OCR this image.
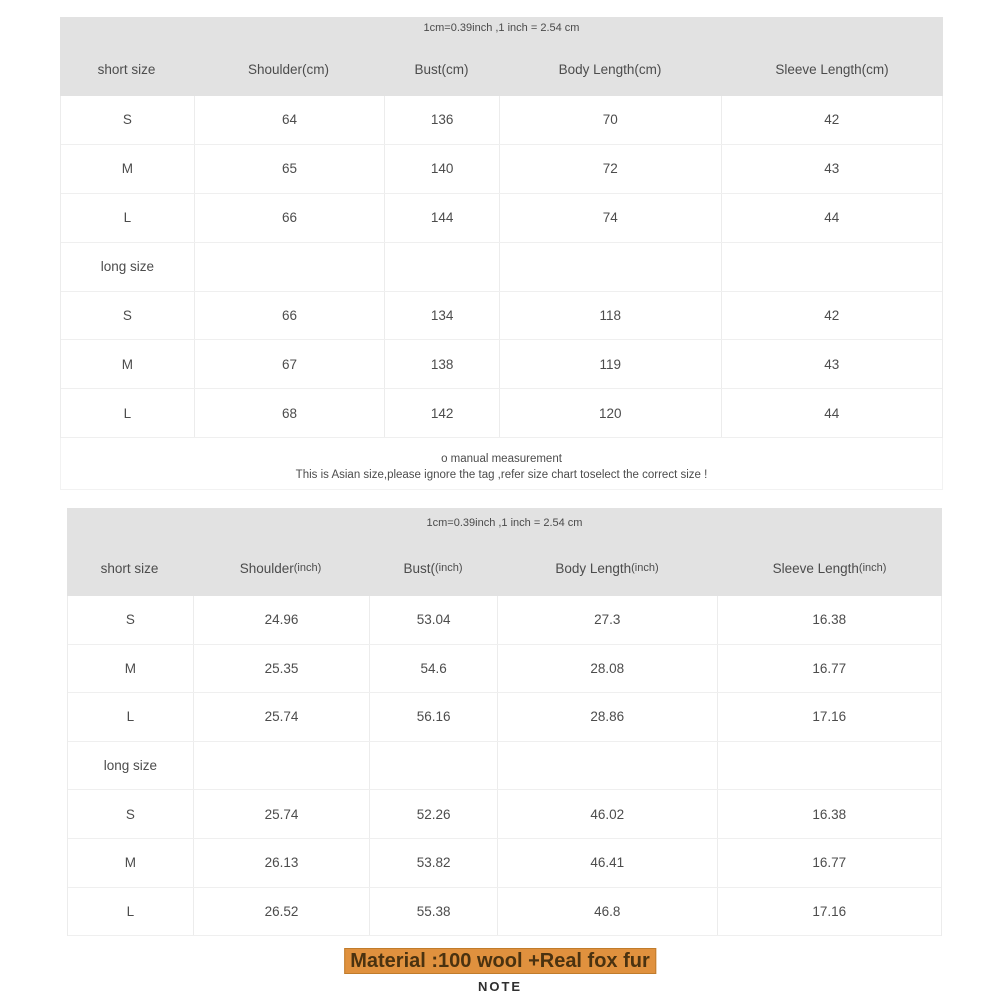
1cm=0.39inch ,1 inch = 2.54 cm
short size	Shoulder (cm)	Bust (cm)	Body Length (cm)	Sleeve Length (cm)
S	64	136	70	42
M	65	140	72	43
L	66	144	74	44
long size
S	66	134	118	42
M	67	138	119	43
L	68	142	120	44
o manual measurement
This is Asian size,please ignore the tag ,refer size chart toselect the correct size !
1cm=0.39inch ,1 inch = 2.54 cm
short size	Shoulder (inch)	Bust( (inch)	Body Length (inch)	Sleeve Length (inch)
S	24.96	53.04	27.3	16.38
M	25.35	54.6	28.08	16.77
L	25.74	56.16	28.86	17.16
long size
S	25.74	52.26	46.02	16.38
M	26.13	53.82	46.41	16.77
L	26.52	55.38	46.8	17.16
Material :100 wool +Real fox fur
NOTE
